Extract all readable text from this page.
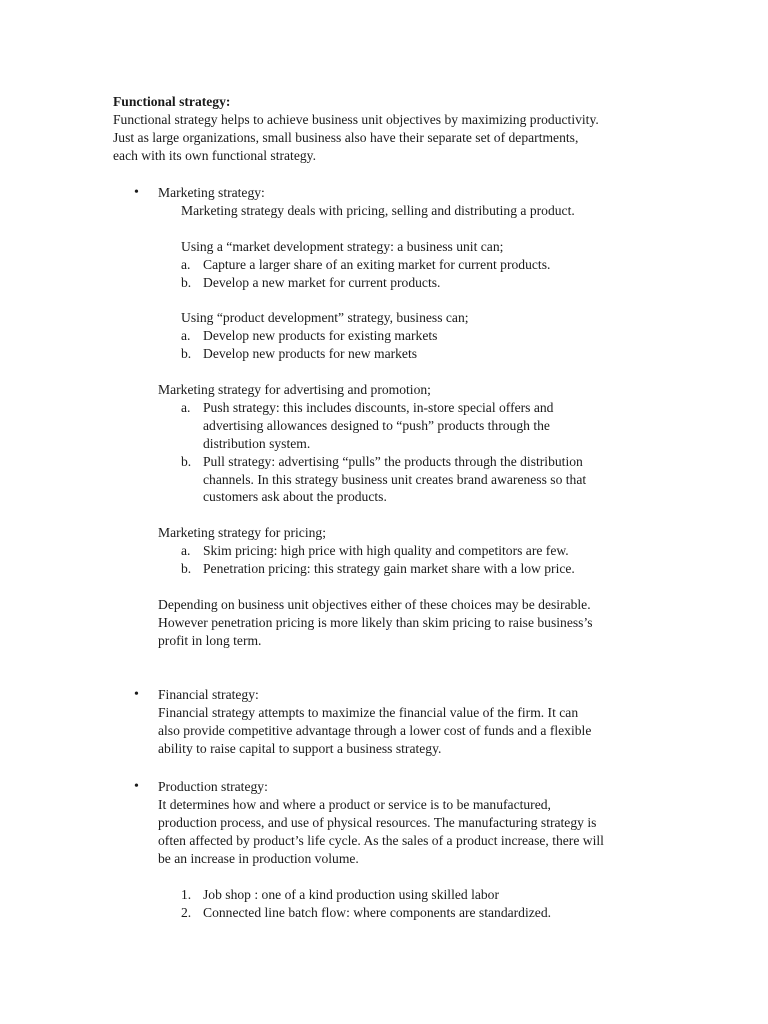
Functional strategy:
Functional strategy helps to achieve business unit objectives by maximizing productivity.
Just as large organizations, small business also have their separate set of departments,
each with its own functional strategy.
• Marketing strategy:
Marketing strategy deals with pricing, selling and distributing a product.
Using a “market development strategy: a business unit can;
a. Capture a larger share of an exiting market for current products.
b. Develop a new market for current products.
Using “product development” strategy, business can;
a. Develop new products for existing markets
b. Develop new products for new markets
Marketing strategy for advertising and promotion;
a. Push strategy: this includes discounts, in-store special offers and
advertising allowances designed to “push” products through the
distribution system.
b. Pull strategy: advertising “pulls” the products through the distribution
channels. In this strategy business unit creates brand awareness so that
customers ask about the products.
Marketing strategy for pricing;
a. Skim pricing: high price with high quality and competitors are few.
b. Penetration pricing: this strategy gain market share with a low price.
Depending on business unit objectives either of these choices may be desirable.
However penetration pricing is more likely than skim pricing to raise business’s
profit in long term.
• Financial strategy:
Financial strategy attempts to maximize the financial value of the firm. It can
also provide competitive advantage through a lower cost of funds and a flexible
ability to raise capital to support a business strategy.
• Production strategy:
It determines how and where a product or service is to be manufactured,
production process, and use of physical resources. The manufacturing strategy is
often affected by product’s life cycle. As the sales of a product increase, there will
be an increase in production volume.
1. Job shop : one of a kind production using skilled labor
2. Connected line batch flow: where components are standardized.
